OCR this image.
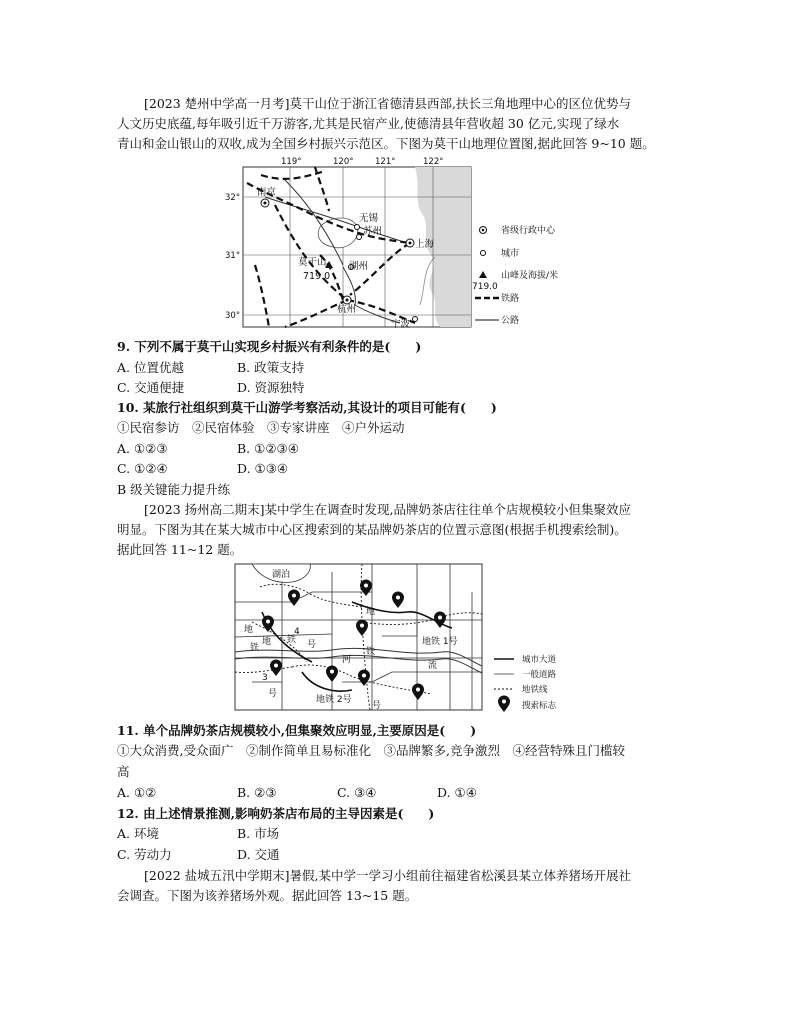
[2023 楚州中学高一月考]莫干山位于浙江省德清县西部,扶长三角地理中心的区位优势与
人文历史底蕴,每年吸引近千万游客,尤其是民宿产业,使德清县年营收超 30 亿元,实现了绿水
青山和金山银山的双收,成为全国乡村振兴示范区。下图为莫干山地理位置图,据此回答 9~10 题。
119°	120°	121°	122°
32°
31°
30°
南京
无锡
苏州
上海
莫干山
719.0
湖州
杭州
宁波
省级行政中心
城市
山峰及海拔/米
719.0
铁路
公路
9. 下列不属于莫干山实现乡村振兴有利条件的是(　　)
A. 位置优越	B. 政策支持
C. 交通便捷	D. 资源独特
10. 某旅行社组织到莫干山游学考察活动,其设计的项目可能有(　　)
①民宿参访　②民宿体验　③专家讲座　④户外运动
A. ①②③	B. ①②③④
C. ①②④	D. ①③④
B 级关键能力提升练
[2023 扬州高二期末]某中学生在调查时发现,品牌奶茶店往往单个店规模较小但集聚效应
明显。下图为其在某大城市中心区搜索到的某品牌奶茶店的位置示意图(根据手机搜索绘制)。
据此回答 11~12 题。
湖泊
地
地
地 铁
铁	铁
4
号	地铁 1号
3
号
河
流
地铁 2号
号
城市大道
一般道路
地铁线
搜索标志
11. 单个品牌奶茶店规模较小,但集聚效应明显,主要原因是(　　)
①大众消费,受众面广　②制作简单且易标准化　③品牌繁多,竞争激烈　④经营特殊且门槛较
高
A. ①②	B. ②③	C. ③④	D. ①④
12. 由上述情景推测,影响奶茶店布局的主导因素是(　　)
A. 环境	B. 市场
C. 劳动力	D. 交通
[2022 盐城五汛中学期末]暑假,某中学一学习小组前往福建省松溪县某立体养猪场开展社
会调查。下图为该养猪场外观。据此回答 13~15 题。
